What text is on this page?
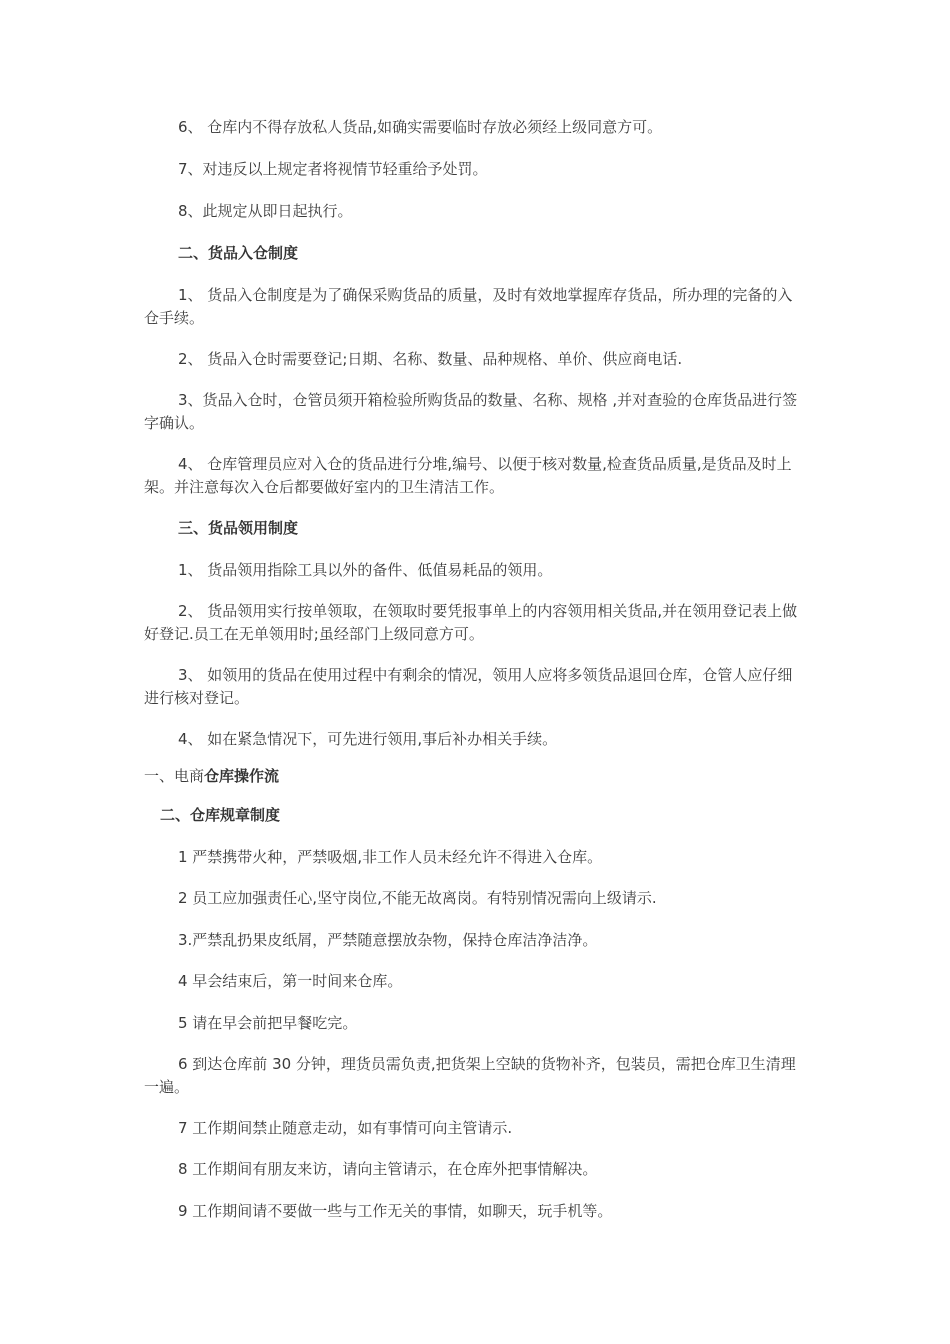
6、 仓库内不得存放私人货品,如确实需要临时存放必须经上级同意方可。

7、对违反以上规定者将视情节轻重给予处罚。

8、此规定从即日起执行。

二、货品入仓制度

1、 货品入仓制度是为了确保采购货品的质量，及时有效地掌握库存货品，所办理的完备的入仓手续。

2、 货品入仓时需要登记;日期、名称、数量、品种规格、单价、供应商电话.

3、货品入仓时，仓管员须开箱检验所购货品的数量、名称、规格 ,并对查验的仓库货品进行签字确认。

4、 仓库管理员应对入仓的货品进行分堆,编号、以便于核对数量,检查货品质量,是货品及时上架。并注意每次入仓后都要做好室内的卫生清洁工作。

三、货品领用制度

1、 货品领用指除工具以外的备件、低值易耗品的领用。

2、 货品领用实行按单领取，在领取时要凭报事单上的内容领用相关货品,并在领用登记表上做好登记.员工在无单领用时;虽经部门上级同意方可。

3、 如领用的货品在使用过程中有剩余的情况，领用人应将多领货品退回仓库，仓管人应仔细进行核对登记。

4、 如在紧急情况下，可先进行领用,事后补办相关手续。

一、电商仓库操作流

二、仓库规章制度

1 严禁携带火种，严禁吸烟,非工作人员未经允许不得进入仓库。

2 员工应加强责任心,坚守岗位,不能无故离岗。有特别情况需向上级请示.

3.严禁乱扔果皮纸屑，严禁随意摆放杂物，保持仓库洁净洁净。

4 早会结束后，第一时间来仓库。

5 请在早会前把早餐吃完。

6 到达仓库前 30 分钟，理货员需负责,把货架上空缺的货物补齐，包装员，需把仓库卫生清理一遍。

7 工作期间禁止随意走动，如有事情可向主管请示.

8 工作期间有朋友来访，请向主管请示，在仓库外把事情解决。

9 工作期间请不要做一些与工作无关的事情，如聊天，玩手机等。
